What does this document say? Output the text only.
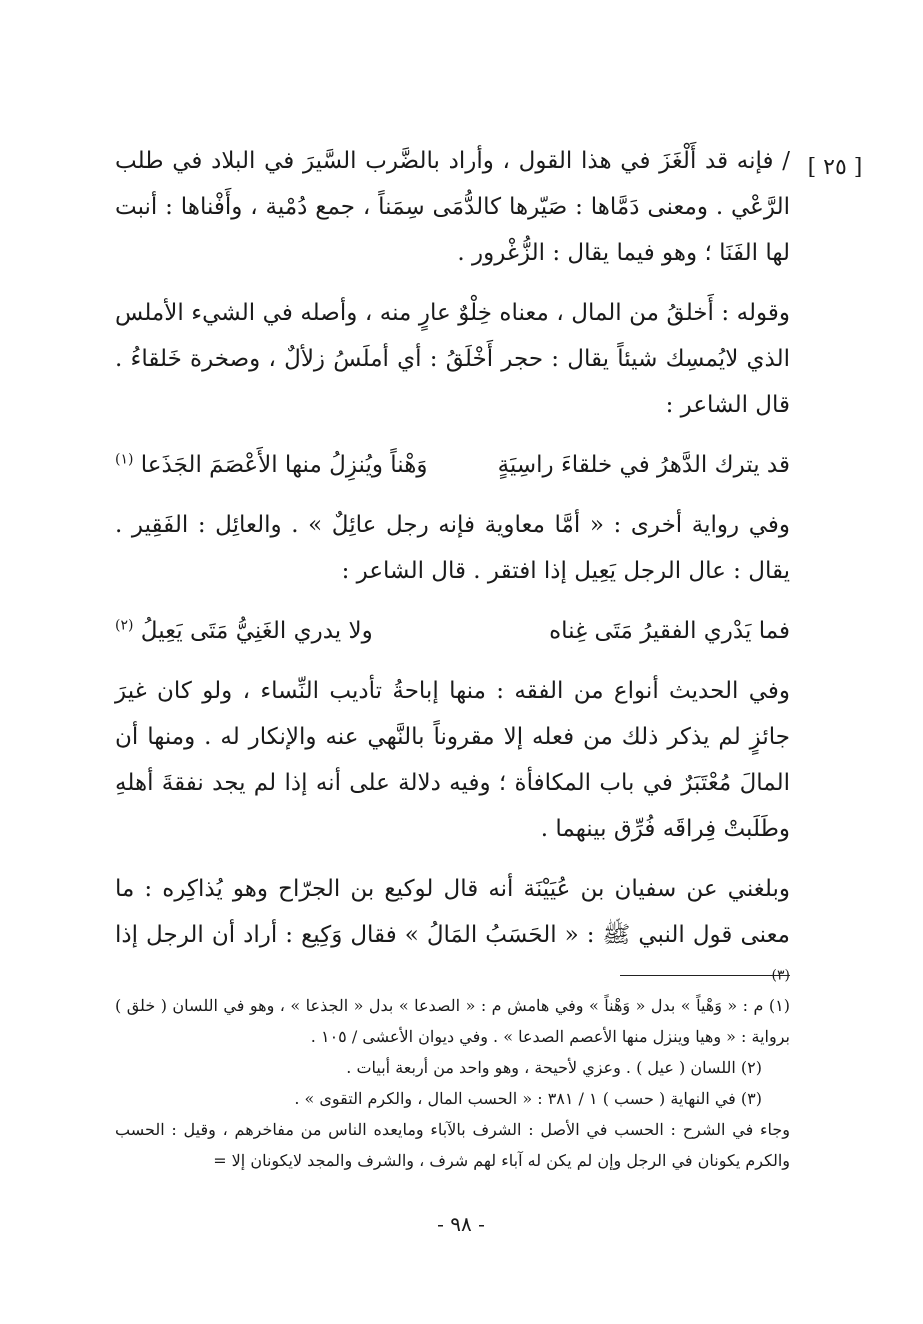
[ ٢٥ ]

/ فإنه قد أَلْغَزَ في هذا القول ، وأراد بالضَّرب السَّيرَ في البلاد في طلب الرَّعْي . ومعنى دَمَّاها : صَيّرها كالدُّمَى سِمَناً ، جمع دُمْية ، وأَفْناها : أنبت لها الفَنَا ؛ وهو فيما يقال : الزُّغْرور .

وقوله : أَخلقُ من المال ، معناه خِلْوٌ عارٍ منه ، وأصله في الشيء الأملس الذي لايُمسِك شيئاً يقال : حجر أَخْلَقُ : أي أملَسُ زلألٌ ، وصخرة خَلقاءُ . قال الشاعر :

قد يترك الدَّهرُ في خلقاءَ راسِيَةٍ
وَهْناً ويُنزِلُ منها الأَعْصَمَ الجَذَعا $^{(١)}$

وفي رواية أخرى : « أمَّا معاوية فإنه رجل عائِلٌ » . والعائِل : الفَقِير . يقال : عال الرجل يَعِيل إذا افتقر . قال الشاعر :

فما يَدْري الفقيرُ مَتَى غِناه
ولا يدري الغَنِيُّ مَتَى يَعِيلُ $^{(٢)}$

وفي الحديث أنواع من الفقه : منها إباحةُ تأديب النِّساء ، ولو كان غيرَ جائزٍ لم يذكر ذلك من فعله إلا مقروناً بالنَّهي عنه والإنكار له . ومنها أن المالَ مُعْتَبَرٌ في باب المكافأة ؛ وفيه دلالة على أنه إذا لم يجد نفقةَ أهلهِ وطَلَبتْ فِراقَه فُرِّق بينهما .

وبلغني عن سفيان بن عُيَيْنَة أنه قال لوكيع بن الجرّاح وهو يُذاكِره : ما معنى قول النبي ﷺ : « الحَسَبُ المَالُ » فقال وَكِيع : أراد أن الرجل إذا $^{(٣)}$

(١) م : « وَهْياً » بدل « وَهْناً » وفي هامش م : « الصدعا » بدل « الجذعا » ، وهو في اللسان ( خلق ) برواية : « وهيا وينزل منها الأعصم الصدعا » . وفي ديوان الأعشى / ١٠٥ .

(٢) اللسان ( عيل ) . وعزي لأحيحة ، وهو واحد من أربعة أبيات .

(٣) في النهاية ( حسب ) ١ / ٣٨١ : « الحسب المال ، والكرم التقوى » .

وجاء في الشرح : الحسب في الأصل : الشرف بالآباء ومايعده الناس من مفاخرهم ، وقيل : الحسب والكرم يكونان في الرجل وإن لم يكن له آباء لهم شرف ، والشرف والمجد لايكونان إلا =

- ٩٨ -
